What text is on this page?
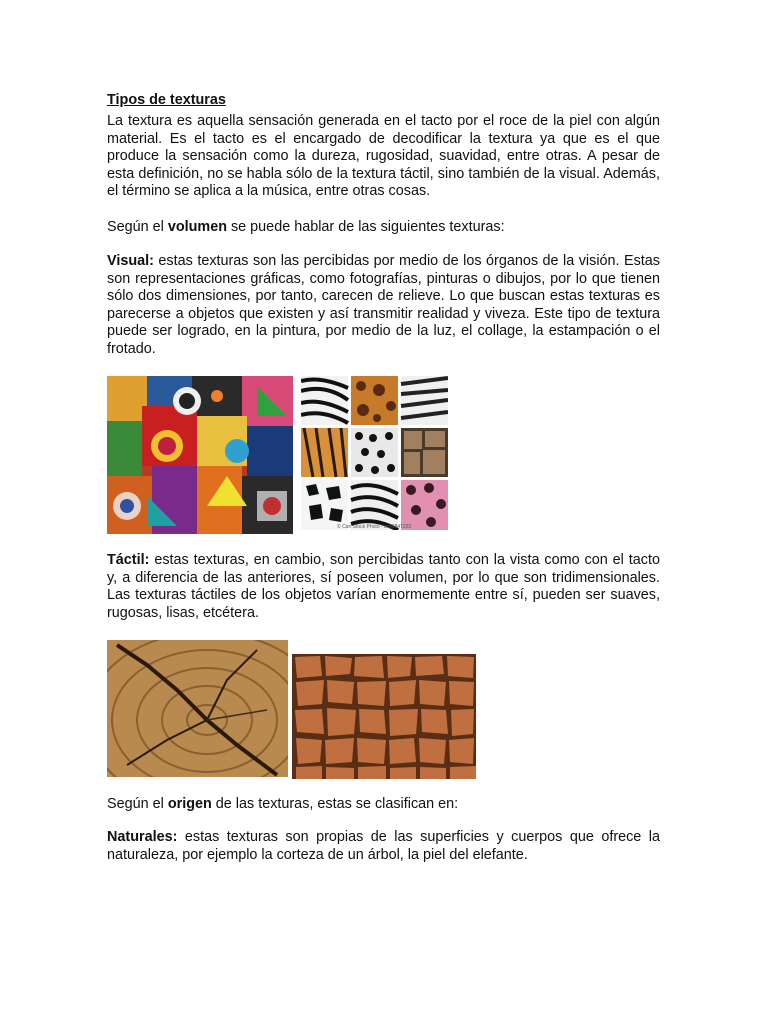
Tipos de texturas

La textura es aquella sensación generada en el tacto por el roce de la piel con algún material. Es el tacto es el encargado de decodificar la textura ya que es el que produce la sensación como la dureza, rugosidad, suavidad, entre otras. A pesar de esta definición, no se habla sólo de la textura táctil, sino también de la visual. Además, el término se aplica a la música, entre otras cosas.

Según el volumen se puede hablar de las siguientes texturas:

Visual: estas texturas son las percibidas por medio de los órganos de la visión. Estas son representaciones gráficas, como fotografías, pinturas o dibujos, por lo que tienen sólo dos dimensiones, por tanto, carecen de relieve. Lo que buscan estas texturas es parecerse a objetos que existen y así transmitir realidad y viveza. Este tipo de textura puede ser logrado, en la pintura, por medio de la luz, el collage, la estampación o el frotado.

© Can Stock Photo - csp6847233

Táctil: estas texturas, en cambio, son percibidas tanto con la vista como con el tacto y, a diferencia de las anteriores, sí poseen volumen, por lo que son tridimensionales. Las texturas táctiles de los objetos varían enormemente entre sí, pueden ser suaves, rugosas, lisas, etcétera.

Según el origen de las texturas, estas se clasifican en:

Naturales: estas texturas son propias de las superficies y cuerpos que ofrece la naturaleza, por ejemplo la corteza de un árbol, la piel del elefante.
